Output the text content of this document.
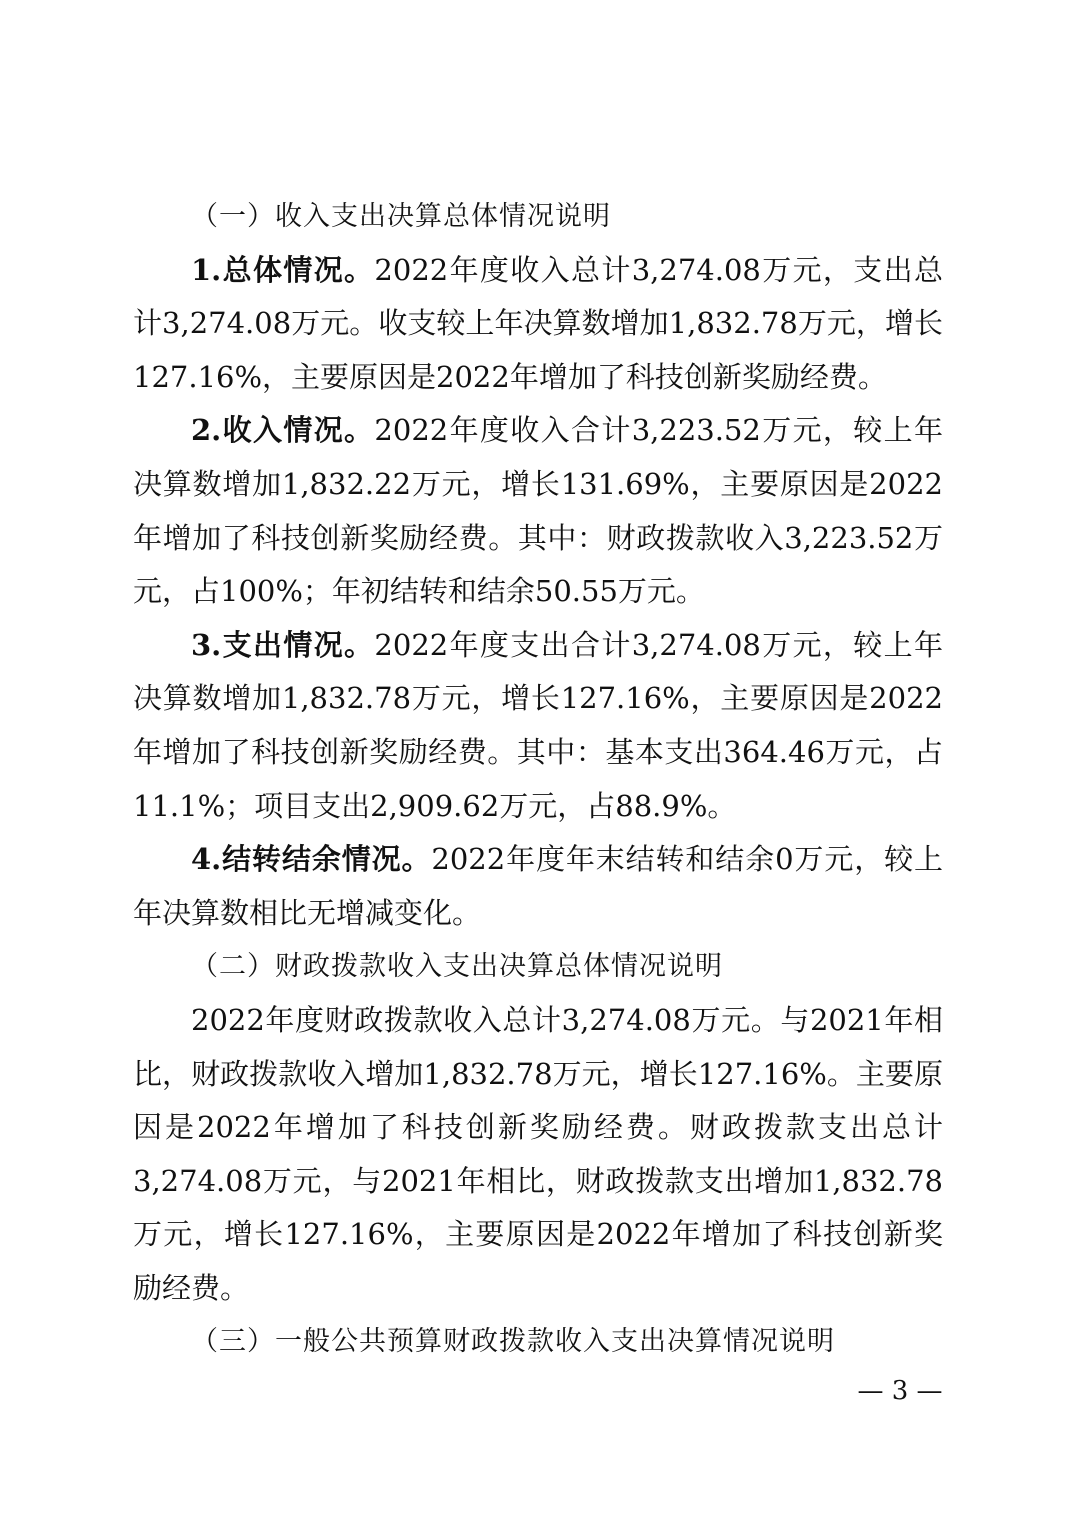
（一）收入支出决算总体情况说明

1.总体情况。2022年度收入总计3,274.08万元，支出总计3,274.08万元。收支较上年决算数增加1,832.78万元，增长127.16%，主要原因是2022年增加了科技创新奖励经费。

2.收入情况。2022年度收入合计3,223.52万元，较上年决算数增加1,832.22万元，增长131.69%，主要原因是2022年增加了科技创新奖励经费。其中：财政拨款收入3,223.52万元，占100%；年初结转和结余50.55万元。

3.支出情况。2022年度支出合计3,274.08万元，较上年决算数增加1,832.78万元，增长127.16%，主要原因是2022年增加了科技创新奖励经费。其中：基本支出364.46万元，占11.1%；项目支出2,909.62万元，占88.9%。

4.结转结余情况。2022年度年末结转和结余0万元，较上年决算数相比无增减变化。

（二）财政拨款收入支出决算总体情况说明

2022年度财政拨款收入总计3,274.08万元。与2021年相比，财政拨款收入增加1,832.78万元，增长127.16%。主要原因是2022年增加了科技创新奖励经费。财政拨款支出总计3,274.08万元，与2021年相比，财政拨款支出增加1,832.78万元，增长127.16%，主要原因是2022年增加了科技创新奖励经费。

（三）一般公共预算财政拨款收入支出决算情况说明

— 3 —
